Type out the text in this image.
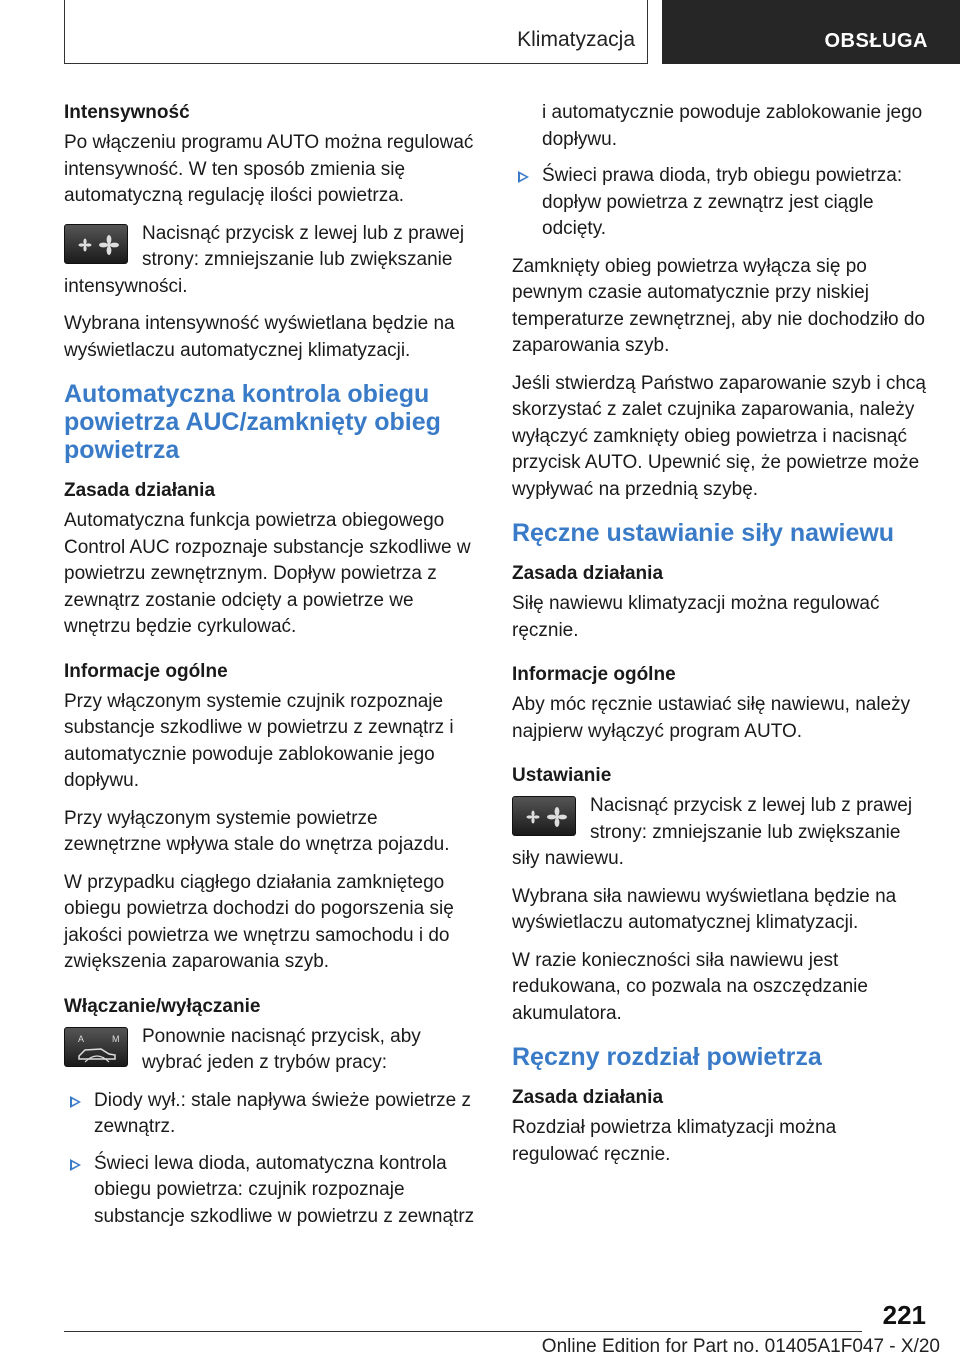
Klimatyzacja	OBSŁUGA
Intensywność

Po włączeniu programu AUTO można regulować intensywność. W ten sposób zmienia się automatyczną regulację ilości powietrza.

Nacisnąć przycisk z lewej lub z prawej strony: zmniejszanie lub zwiększanie intensywności.

Wybrana intensywność wyświetlana będzie na wyświetlaczu automatycznej klimatyzacji.

Automatyczna kontrola obiegu powietrza AUC/zamknięty obieg powietrza
Zasada działania

Automatyczna funkcja powietrza obiegowego Control AUC rozpoznaje substancje szkodliwe w powietrzu zewnętrznym. Dopływ powietrza z zewnątrz zostanie odcięty a powietrze we wnętrzu będzie cyrkulować.

Informacje ogólne

Przy włączonym systemie czujnik rozpoznaje substancje szkodliwe w powietrzu z zewnątrz i automatycznie powoduje zablokowanie jego dopływu.

Przy wyłączonym systemie powietrze zewnętrzne wpływa stale do wnętrza pojazdu.

W przypadku ciągłego działania zamkniętego obiegu powietrza dochodzi do pogorszenia się jakości powietrza we wnętrzu samochodu i do zwiększenia zaparowania szyb.

Włączanie/wyłączanie
A	M Ponownie nacisnąć przycisk, aby wybrać jeden z trybów pracy:
Diody wył.: stale napływa świeże powietrze z zewnątrz.
Świeci lewa dioda, automatyczna kontrola obiegu powietrza: czujnik rozpoznaje substancje szkodliwe w powietrzu z zewnątrz
i automatycznie powoduje zablokowanie jego dopływu.
Świeci prawa dioda, tryb obiegu powietrza: dopływ powietrza z zewnątrz jest ciągle odcięty.

Zamknięty obieg powietrza wyłącza się po pewnym czasie automatycznie przy niskiej temperaturze zewnętrznej, aby nie dochodziło do zaparowania szyb.

Jeśli stwierdzą Państwo zaparowanie szyb i chcą skorzystać z zalet czujnika zaparowania, należy wyłączyć zamknięty obieg powietrza i nacisnąć przycisk AUTO. Upewnić się, że powietrze może wypływać na przednią szybę.

Ręczne ustawianie siły nawiewu
Zasada działania

Siłę nawiewu klimatyzacji można regulować ręcznie.

Informacje ogólne

Aby móc ręcznie ustawiać siłę nawiewu, należy najpierw wyłączyć program AUTO.

Ustawianie
Nacisnąć przycisk z lewej lub z prawej strony: zmniejszanie lub zwiększanie siły nawiewu.

Wybrana siła nawiewu wyświetlana będzie na wyświetlaczu automatycznej klimatyzacji.

W razie konieczności siła nawiewu jest redukowana, co pozwala na oszczędzanie akumulatora.

Ręczny rozdział powietrza
Zasada działania

Rozdział powietrza klimatyzacji można regulować ręcznie.

221
Online Edition for Part no. 01405A1F047 - X/20
